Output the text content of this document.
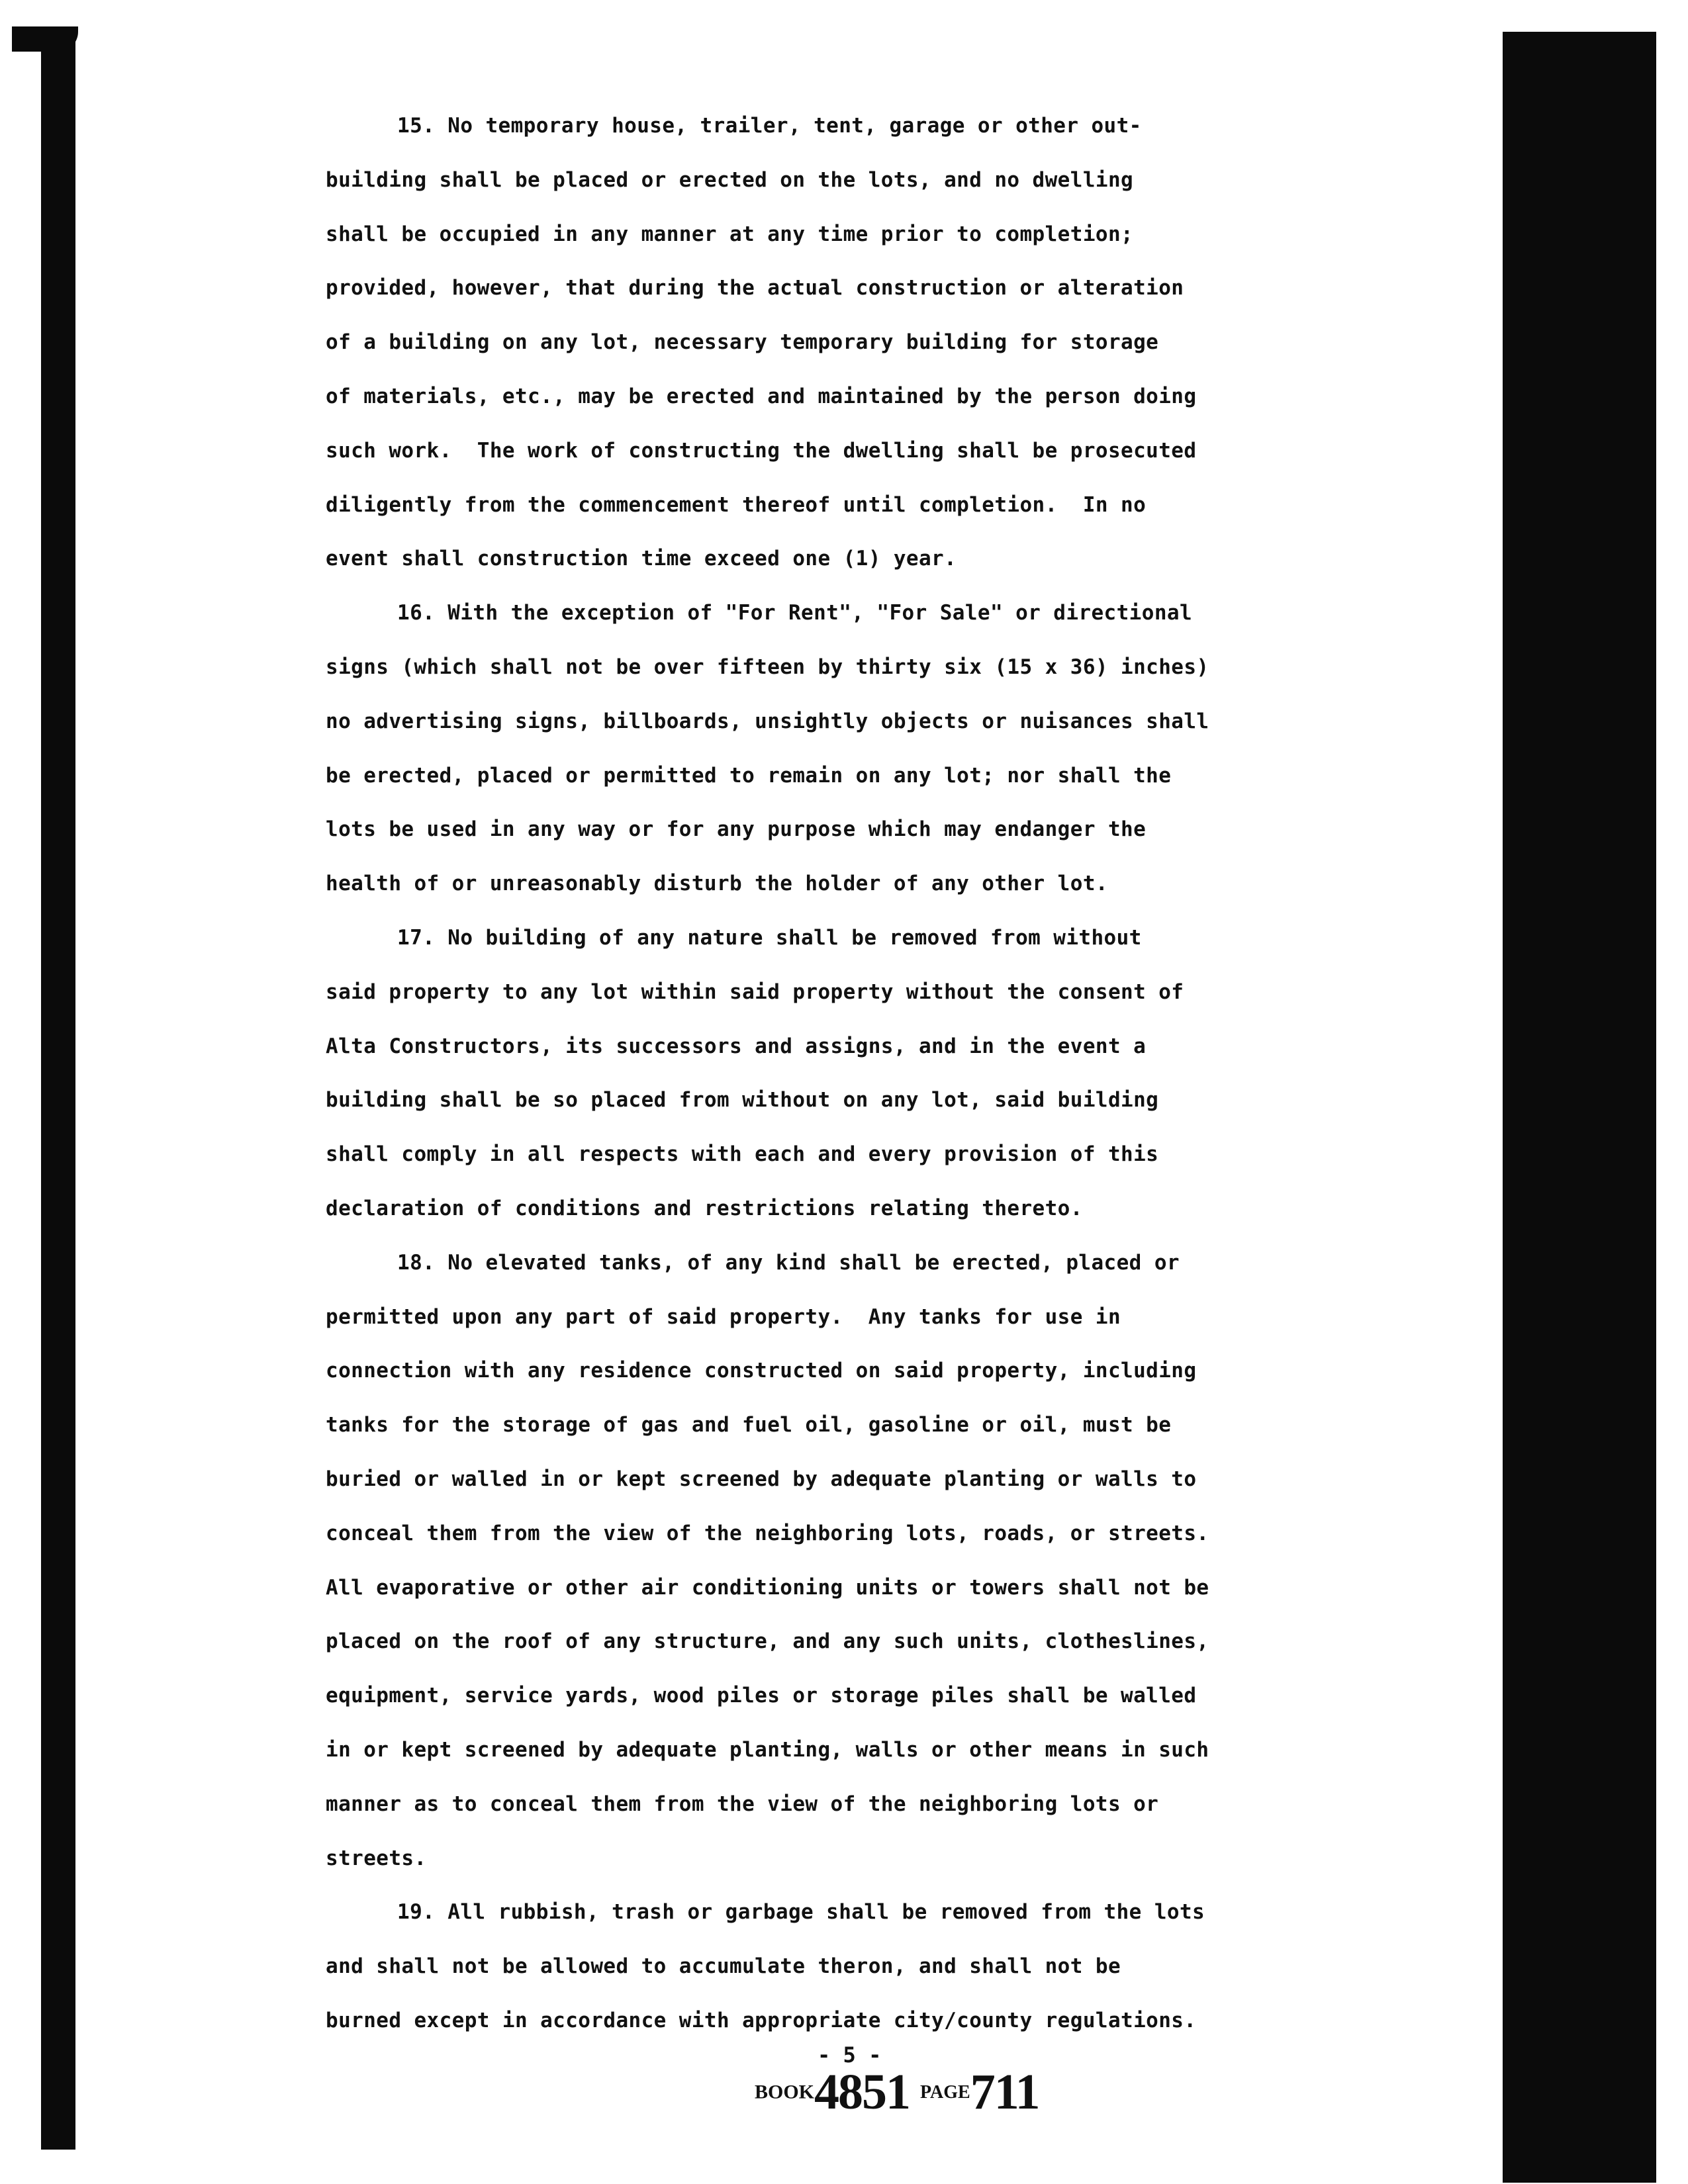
15. No temporary house, trailer, tent, garage or other out-
building shall be placed or erected on the lots, and no dwelling
shall be occupied in any manner at any time prior to completion;
provided, however, that during the actual construction or alteration
of a building on any lot, necessary temporary building for storage
of materials, etc., may be erected and maintained by the person doing
such work.  The work of constructing the dwelling shall be prosecuted
diligently from the commencement thereof until completion.  In no
event shall construction time exceed one (1) year.
16. With the exception of "For Rent", "For Sale" or directional
signs (which shall not be over fifteen by thirty six (15 x 36) inches)
no advertising signs, billboards, unsightly objects or nuisances shall
be erected, placed or permitted to remain on any lot; nor shall the
lots be used in any way or for any purpose which may endanger the
health of or unreasonably disturb the holder of any other lot.
17. No building of any nature shall be removed from without
said property to any lot within said property without the consent of
Alta Constructors, its successors and assigns, and in the event a
building shall be so placed from without on any lot, said building
shall comply in all respects with each and every provision of this
declaration of conditions and restrictions relating thereto.
18. No elevated tanks, of any kind shall be erected, placed or
permitted upon any part of said property.  Any tanks for use in
connection with any residence constructed on said property, including
tanks for the storage of gas and fuel oil, gasoline or oil, must be
buried or walled in or kept screened by adequate planting or walls to
conceal them from the view of the neighboring lots, roads, or streets.
All evaporative or other air conditioning units or towers shall not be
placed on the roof of any structure, and any such units, clotheslines,
equipment, service yards, wood piles or storage piles shall be walled
in or kept screened by adequate planting, walls or other means in such
manner as to conceal them from the view of the neighboring lots or
streets.
19. All rubbish, trash or garbage shall be removed from the lots
and shall not be allowed to accumulate theron, and shall not be
burned except in accordance with appropriate city/county regulations.
- 5 -
BOOK4851 PAGE711
